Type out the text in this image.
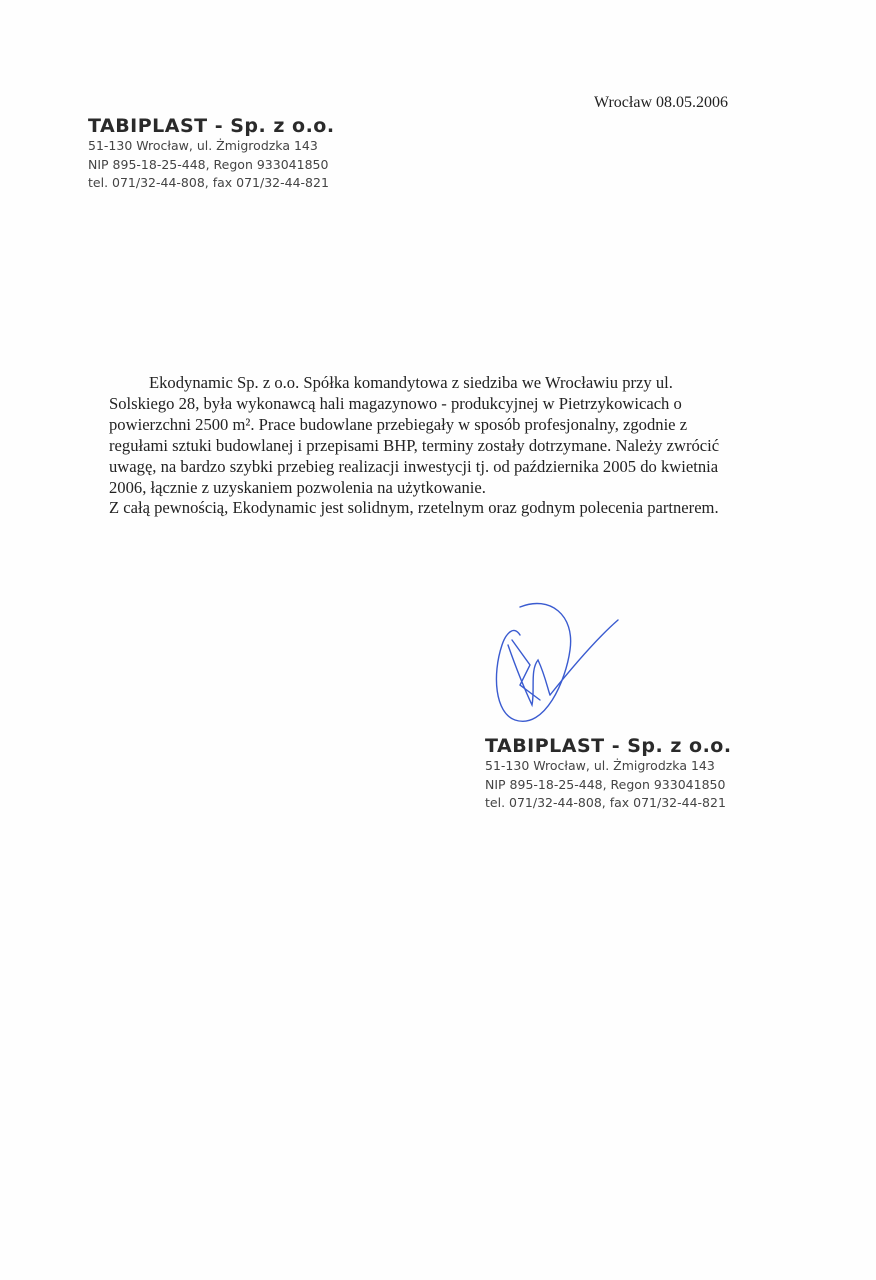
Wrocław 08.05.2006
TABIPLAST - Sp. z o.o.
51-130 Wrocław, ul. Żmigrodzka 143
NIP 895-18-25-448, Regon 933041850
tel. 071/32-44-808, fax 071/32-44-821
Ekodynamic Sp. z o.o. Spółka komandytowa z siedziba we Wrocławiu przy ul.
Solskiego 28, była wykonawcą hali magazynowo - produkcyjnej w Pietrzykowicach o
powierzchni 2500 m². Prace budowlane przebiegały w sposób profesjonalny, zgodnie z
regułami sztuki budowlanej i przepisami BHP, terminy zostały dotrzymane. Należy zwrócić
uwagę, na bardzo szybki przebieg realizacji inwestycji tj. od października 2005 do kwietnia
2006, łącznie z uzyskaniem pozwolenia na użytkowanie.
Z całą pewnością, Ekodynamic jest solidnym, rzetelnym oraz godnym polecenia partnerem.
TABIPLAST - Sp. z o.o.
51-130 Wrocław, ul. Żmigrodzka 143
NIP 895-18-25-448, Regon 933041850
tel. 071/32-44-808, fax 071/32-44-821
